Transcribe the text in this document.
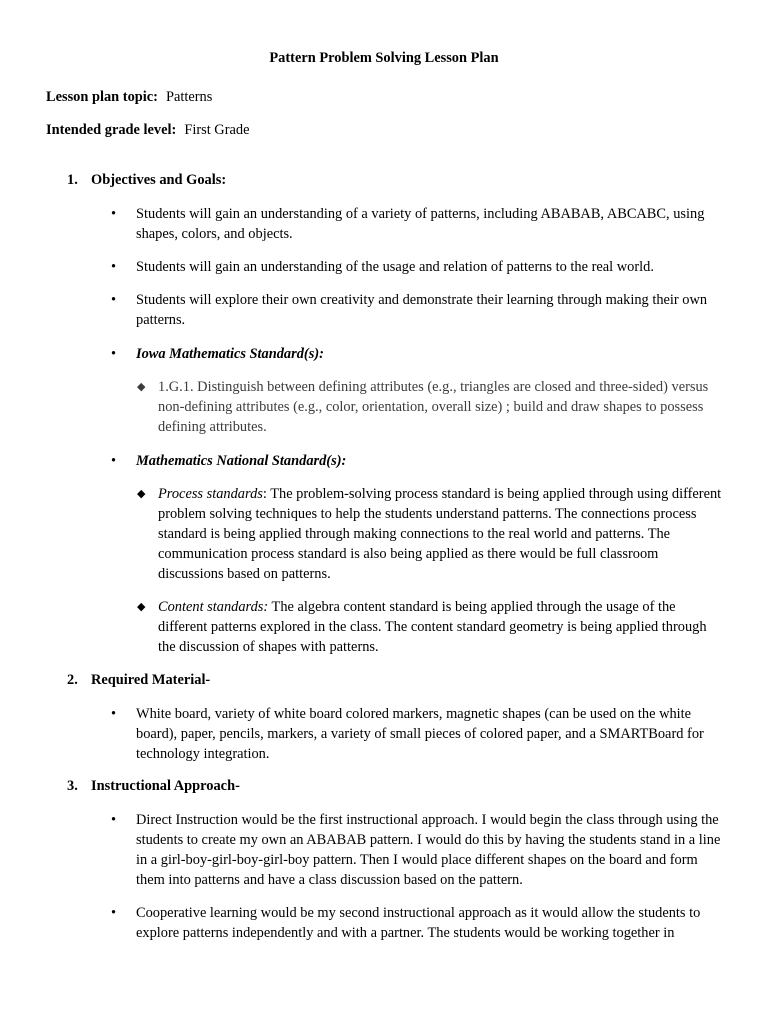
Pattern Problem Solving Lesson Plan
Lesson plan topic: Patterns
Intended grade level: First Grade
1. Objectives and Goals:
•	Students will gain an understanding of a variety of patterns, including ABABAB, ABCABC, using shapes, colors, and objects.
•	Students will gain an understanding of the usage and relation of patterns to the real world.
•	Students will explore their own creativity and demonstrate their learning through making their own patterns.
•	Iowa Mathematics Standard(s):
◆ 1.G.1. Distinguish between defining attributes (e.g., triangles are closed and three-sided) versus non-defining attributes (e.g., color, orientation, overall size) ; build and draw shapes to possess defining attributes.
•	Mathematics National Standard(s):
◆ Process standards: The problem-solving process standard is being applied through using different problem solving techniques to help the students understand patterns. The connections process standard is being applied through making connections to the real world and patterns. The communication process standard is also being applied as there would be full classroom discussions based on patterns.
◆ Content standards: The algebra content standard is being applied through the usage of the different patterns explored in the class. The content standard geometry is being applied through the discussion of shapes with patterns.
2. Required Material-
•	White board, variety of white board colored markers, magnetic shapes (can be used on the white board), paper, pencils, markers, a variety of small pieces of colored paper, and a SMARTBoard for technology integration.
3. Instructional Approach-
•	Direct Instruction would be the first instructional approach. I would begin the class through using the students to create my own an ABABAB pattern. I would do this by having the students stand in a line in a girl-boy-girl-boy-girl-boy pattern. Then I would place different shapes on the board and form them into patterns and have a class discussion based on the pattern.
•	Cooperative learning would be my second instructional approach as it would allow the students to explore patterns independently and with a partner. The students would be working together in
